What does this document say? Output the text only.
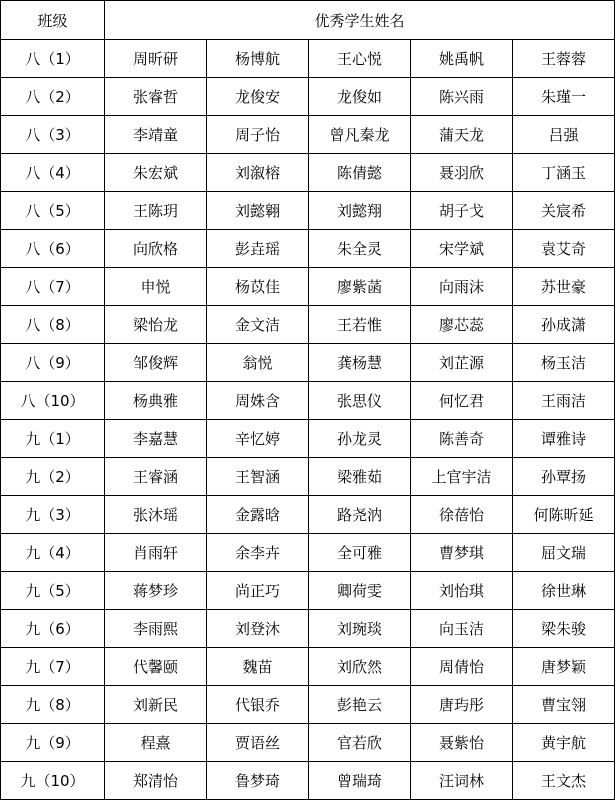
班级	优秀学生姓名				
八（1）	周昕研	杨博航	王心悦	姚禹帆	王蓉蓉
八（2）	张睿哲	龙俊安	龙俊如	陈兴雨	朱瑾一
八（3）	李靖童	周子怡	曾凡秦龙	蒲天龙	吕强
八（4）	朱宏斌	刘溆榕	陈倩懿	聂羽欣	丁涵玉
八（5）	王陈玥	刘懿翱	刘懿翔	胡子戈	关宸希
八（6）	向欣格	彭垚瑶	朱全灵	宋学斌	袁艾奇
八（7）	申悦	杨苡佳	廖紫菡	向雨沫	苏世豪
八（8）	梁怡龙	金文洁	王若惟	廖芯蕊	孙成潇
八（9）	邹俊辉	翁悦	龚杨慧	刘芷源	杨玉洁
八（10）	杨典雅	周姝含	张思仪	何忆君	王雨洁
九（1）	李嘉慧	辛忆婷	孙龙灵	陈善奇	谭雅诗
九（2）	王睿涵	王智涵	梁雅茹	上官宇洁	孙覃扬
九（3）	张沐瑶	金露晗	路尧汭	徐蓓怡	何陈昕延
九（4）	肖雨轩	余李卉	全可雅	曹梦琪	屈文瑞
九（5）	蒋梦珍	尚正巧	卿荷雯	刘怡琪	徐世琳
九（6）	李雨熙	刘登沐	刘琬琰	向玉洁	梁朱骏
九（7）	代馨颐	魏苗	刘欣然	周倩怡	唐梦颖
九（8）	刘新民	代银乔	彭艳云	唐玙彤	曹宝翎
九（9）	程熹	贾语丝	官若欣	聂紫怡	黄宇航
九（10）	郑清怡	鲁梦琦	曾瑞琦	汪词林	王文杰
